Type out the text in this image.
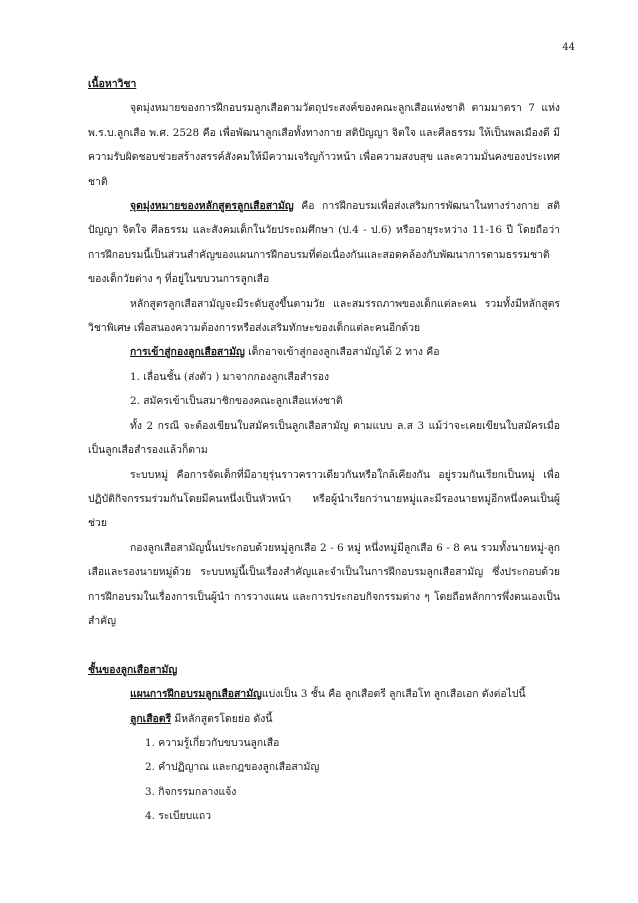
44

เนื้อหาวิชา

จุดมุ่งหมายของการฝึกอบรมลูกเสือตามวัตถุประสงค์ของคณะลูกเสือแห่งชาติ ตามมาตรา 7 แห่ง พ.ร.บ.ลูกเสือ พ.ศ. 2528 คือ เพื่อพัฒนาลูกเสือทั้งทางกาย สติปัญญา จิตใจ และศีลธรรม ให้เป็นพลเมืองดี มีความรับผิดชอบช่วยสร้างสรรค์สังคมให้มีความเจริญก้าวหน้า เพื่อความสงบสุข และความมั่นคงของประเทศชาติ

จุดมุ่งหมายของหลักสูตรลูกเสือสามัญ คือ การฝึกอบรมเพื่อส่งเสริมการพัฒนาในทางร่างกาย สติปัญญา จิตใจ ศีลธรรม และสังคมเด็กในวัยประถมศึกษา (ป.4 - ป.6) หรืออายุระหว่าง 11-16 ปี โดยถือว่าการฝึกอบรมนี้เป็นส่วนสำคัญของแผนการฝึกอบรมที่ต่อเนื่องกันและสอดคล้องกับพัฒนาการตามธรรมชาติของเด็กวัยต่าง ๆ ที่อยู่ในขบวนการลูกเสือ

หลักสูตรลูกเสือสามัญจะมีระดับสูงขึ้นตามวัย และสมรรถภาพของเด็กแต่ละคน รวมทั้งมีหลักสูตรวิชาพิเศษ เพื่อสนองความต้องการหรือส่งเสริมทักษะของเด็กแต่ละคนอีกด้วย

การเข้าสู่กองลูกเสือสามัญ เด็กอาจเข้าสู่กองลูกเสือสามัญได้ 2 ทาง คือ

1. เลื่อนชั้น (ส่งตัว ) มาจากกองลูกเสือสำรอง

2. สมัครเข้าเป็นสมาชิกของคณะลูกเสือแห่งชาติ

ทั้ง 2 กรณี จะต้องเขียนใบสมัครเป็นลูกเสือสามัญ ตามแบบ ล.ส 3 แม้ว่าจะเคยเขียนใบสมัครเมื่อเป็นลูกเสือสำรองแล้วก็ตาม

ระบบหมู่ คือการจัดเด็กที่มีอายุรุ่นราวคราวเดียวกันหรือใกล้เคียงกัน อยู่รวมกันเรียกเป็นหมู่ เพื่อปฏิบัติกิจกรรมร่วมกันโดยมีคนหนึ่งเป็นหัวหน้า หรือผู้นำเรียกว่านายหมู่และมีรองนายหมู่อีกหนึ่งคนเป็นผู้ช่วย

กองลูกเสือสามัญนั้นประกอบด้วยหมู่ลูกเสือ 2 - 6 หมู่ หนึ่งหมู่มีลูกเสือ 6 - 8 คน รวมทั้งนายหมู่-ลูกเสือและรองนายหมู่ด้วย ระบบหมู่นี้เป็นเรื่องสำคัญและจำเป็นในการฝึกอบรมลูกเสือสามัญ ซึ่งประกอบด้วย การฝึกอบรมในเรื่องการเป็นผู้นำ การวางแผน และการประกอบกิจกรรมต่าง ๆ โดยถือหลักการพึ่งตนเองเป็นสำคัญ

ชั้นของลูกเสือสามัญ

แผนการฝึกอบรมลูกเสือสามัญแบ่งเป็น 3 ชั้น คือ ลูกเสือตรี ลูกเสือโท ลูกเสือเอก ดังต่อไปนี้

ลูกเสือตรี มีหลักสูตรโดยย่อ ดังนี้

1. ความรู้เกี่ยวกับขบวนลูกเสือ

2. คำปฏิญาณ และกฎของลูกเสือสามัญ

3. กิจกรรมกลางแจ้ง

4. ระเบียบแถว
